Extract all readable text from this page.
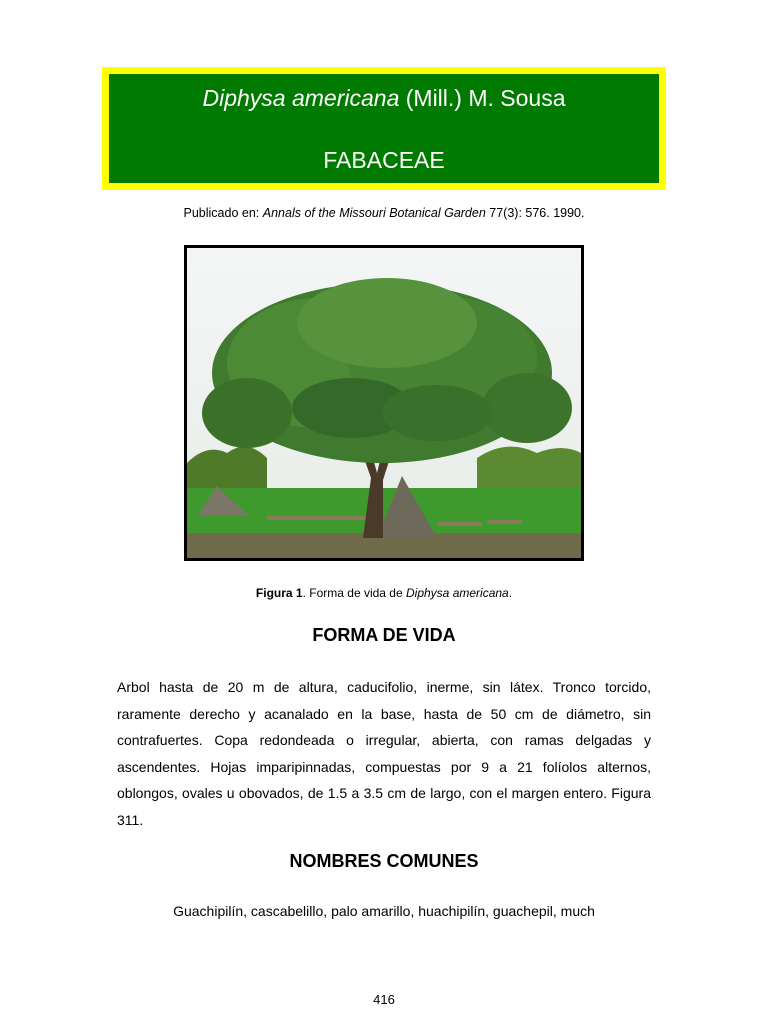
Diphysa americana (Mill.) M. Sousa
FABACEAE
Publicado en: Annals of the Missouri Botanical Garden 77(3): 576. 1990.
Figura 1. Forma de vida de Diphysa americana.
FORMA DE VIDA
Arbol hasta de 20 m de altura, caducifolio, inerme, sin látex. Tronco torcido, raramente derecho y acanalado en la base, hasta de 50 cm de diámetro, sin contrafuertes. Copa redondeada o irregular, abierta, con ramas delgadas y ascendentes. Hojas imparipinnadas, compuestas por 9 a 21 folíolos alternos, oblongos, ovales u obovados, de 1.5 a 3.5 cm de largo, con el margen entero. Figura 311.
NOMBRES COMUNES
Guachipilín, cascabelillo, palo amarillo, huachipilín, guachepil, much
416
